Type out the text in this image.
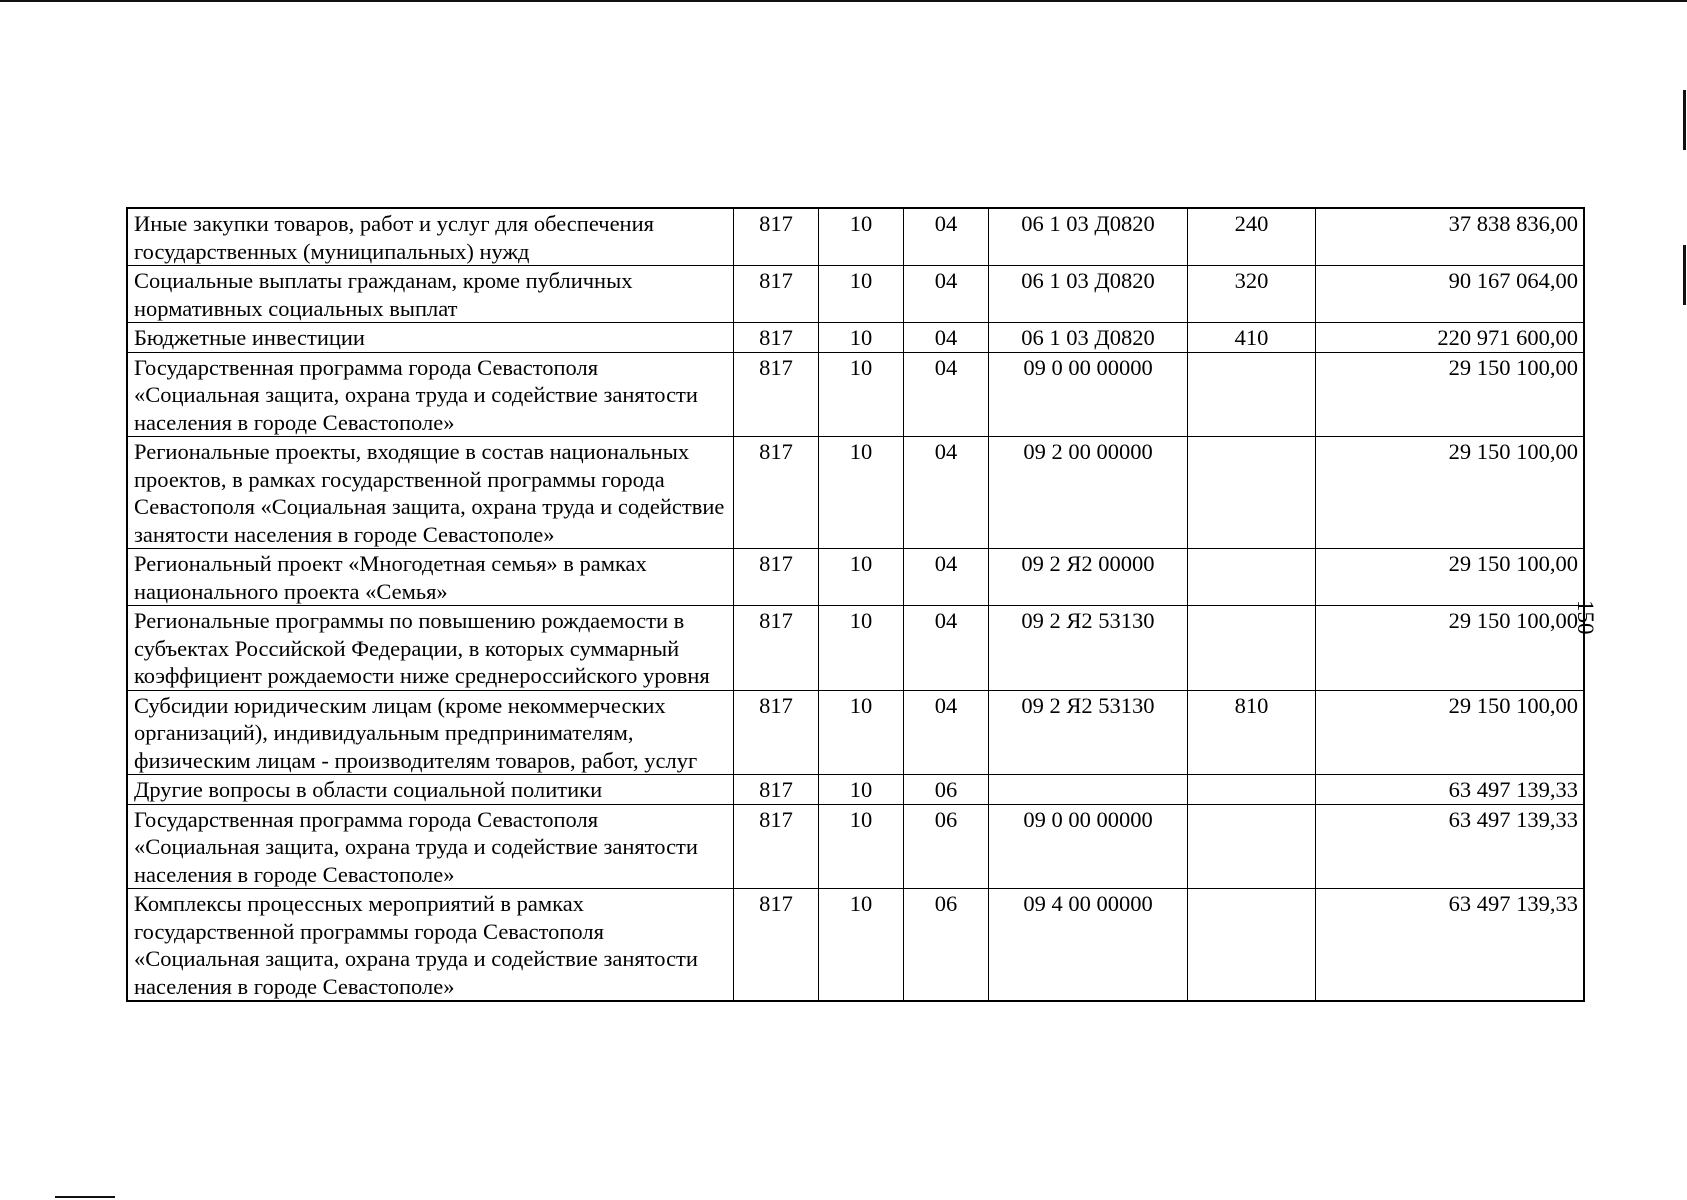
150
Иные закупки товаров, работ и услуг для обеспечения государственных (муниципальных) нужд	817	10	04	06 1 03 Д0820	240	37 838 836,00
Социальные выплаты гражданам, кроме публичных нормативных социальных выплат	817	10	04	06 1 03 Д0820	320	90 167 064,00
Бюджетные инвестиции	817	10	04	06 1 03 Д0820	410	220 971 600,00
Государственная программа города Севастополя «Социальная защита, охрана труда и содействие занятости населения в городе Севастополе»	817	10	04	09 0 00 00000		29 150 100,00
Региональные проекты, входящие в состав национальных проектов, в рамках государственной программы города Севастополя «Социальная защита, охрана труда и содействие занятости населения в городе Севастополе»	817	10	04	09 2 00 00000		29 150 100,00
Региональный проект «Многодетная семья» в рамках национального проекта «Семья»	817	10	04	09 2 Я2 00000		29 150 100,00
Региональные программы по повышению рождаемости в субъектах Российской Федерации, в которых суммарный коэффициент рождаемости ниже среднероссийского уровня	817	10	04	09 2 Я2 53130		29 150 100,00
Субсидии юридическим лицам (кроме некоммерческих организаций), индивидуальным предпринимателям, физическим лицам - производителям товаров, работ, услуг	817	10	04	09 2 Я2 53130	810	29 150 100,00
Другие вопросы в области социальной политики	817	10	06			63 497 139,33
Государственная программа города Севастополя «Социальная защита, охрана труда и содействие занятости населения в городе Севастополе»	817	10	06	09 0 00 00000		63 497 139,33
Комплексы процессных мероприятий в рамках государственной программы города Севастополя «Социальная защита, охрана труда и содействие занятости населения в городе Севастополе»	817	10	06	09 4 00 00000		63 497 139,33
